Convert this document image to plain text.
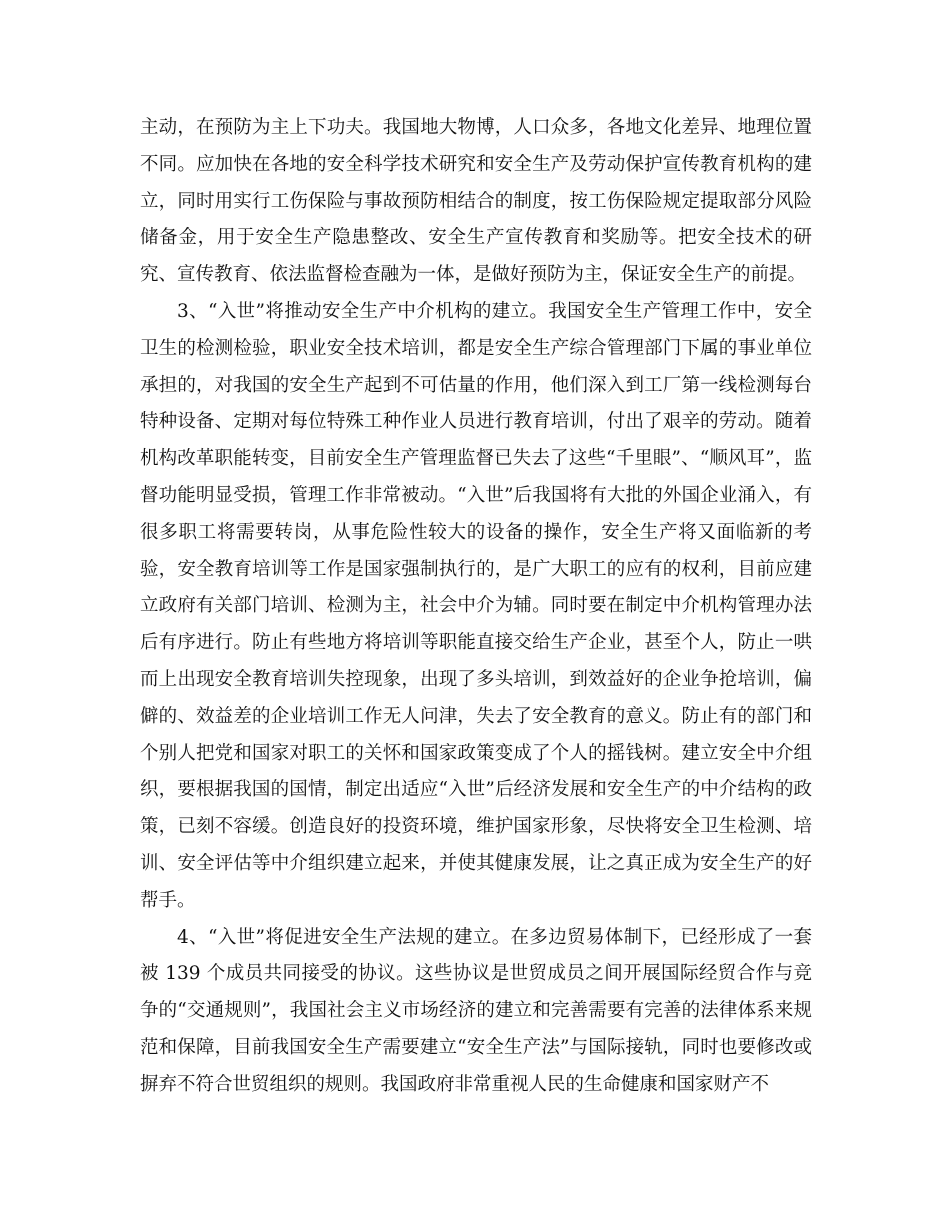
主动，在预防为主上下功夫。我国地大物博，人口众多，各地文化差异、地理位置不同。应加快在各地的安全科学技术研究和安全生产及劳动保护宣传教育机构的建立，同时用实行工伤保险与事故预防相结合的制度，按工伤保险规定提取部分风险储备金，用于安全生产隐患整改、安全生产宣传教育和奖励等。把安全技术的研究、宣传教育、依法监督检查融为一体，是做好预防为主，保证安全生产的前提。

3、“入世”将推动安全生产中介机构的建立。我国安全生产管理工作中，安全卫生的检测检验，职业安全技术培训，都是安全生产综合管理部门下属的事业单位承担的，对我国的安全生产起到不可估量的作用，他们深入到工厂第一线检测每台特种设备、定期对每位特殊工种作业人员进行教育培训，付出了艰辛的劳动。随着机构改革职能转变，目前安全生产管理监督已失去了这些“千里眼”、“顺风耳”，监督功能明显受损，管理工作非常被动。“入世”后我国将有大批的外国企业涌入，有很多职工将需要转岗，从事危险性较大的设备的操作，安全生产将又面临新的考验，安全教育培训等工作是国家强制执行的，是广大职工的应有的权利，目前应建立政府有关部门培训、检测为主，社会中介为辅。同时要在制定中介机构管理办法后有序进行。防止有些地方将培训等职能直接交给生产企业，甚至个人，防止一哄而上出现安全教育培训失控现象，出现了多头培训，到效益好的企业争抢培训，偏僻的、效益差的企业培训工作无人问津，失去了安全教育的意义。防止有的部门和个别人把党和国家对职工的关怀和国家政策变成了个人的摇钱树。建立安全中介组织，要根据我国的国情，制定出适应“入世”后经济发展和安全生产的中介结构的政策，已刻不容缓。创造良好的投资环境，维护国家形象，尽快将安全卫生检测、培训、安全评估等中介组织建立起来，并使其健康发展，让之真正成为安全生产的好帮手。

4、“入世”将促进安全生产法规的建立。在多边贸易体制下，已经形成了一套被 139 个成员共同接受的协议。这些协议是世贸成员之间开展国际经贸合作与竞争的“交通规则”，我国社会主义市场经济的建立和完善需要有完善的法律体系来规范和保障，目前我国安全生产需要建立“安全生产法”与国际接轨，同时也要修改或摒弃不符合世贸组织的规则。我国政府非常重视人民的生命健康和国家财产不
